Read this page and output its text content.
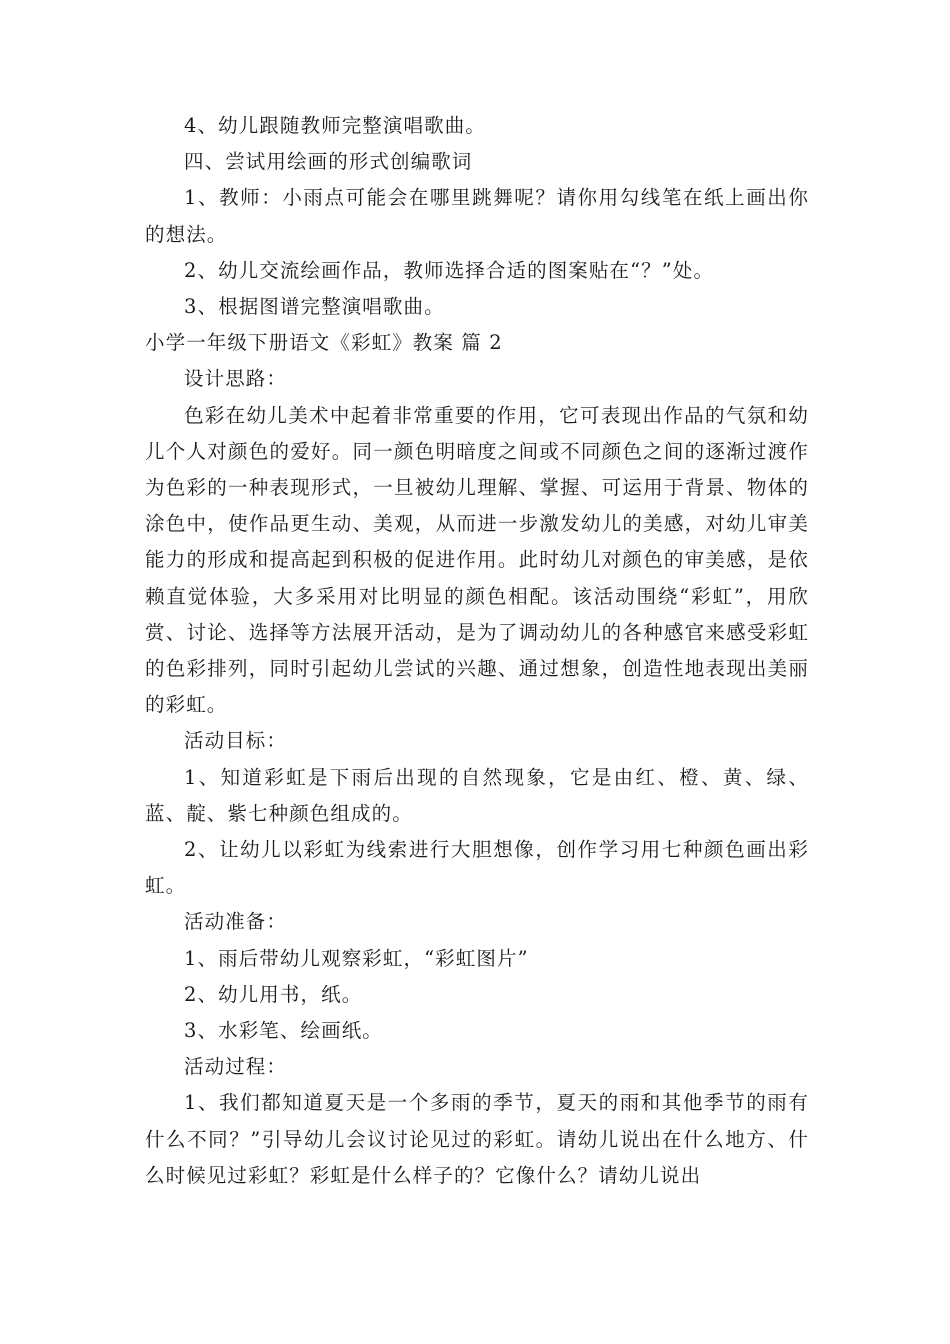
4、幼儿跟随教师完整演唱歌曲。

四、尝试用绘画的形式创编歌词

1、教师：小雨点可能会在哪里跳舞呢？请你用勾线笔在纸上画出你的想法。

2、幼儿交流绘画作品，教师选择合适的图案贴在“？”处。

3、根据图谱完整演唱歌曲。

小学一年级下册语文《彩虹》教案 篇 2

设计思路：

色彩在幼儿美术中起着非常重要的作用，它可表现出作品的气氛和幼儿个人对颜色的爱好。同一颜色明暗度之间或不同颜色之间的逐渐过渡作为色彩的一种表现形式，一旦被幼儿理解、掌握、可运用于背景、物体的涂色中，使作品更生动、美观，从而进一步激发幼儿的美感，对幼儿审美能力的形成和提高起到积极的促进作用。此时幼儿对颜色的审美感，是依赖直觉体验，大多采用对比明显的颜色相配。该活动围绕“彩虹”，用欣赏、讨论、选择等方法展开活动，是为了调动幼儿的各种感官来感受彩虹的色彩排列，同时引起幼儿尝试的兴趣、通过想象，创造性地表现出美丽的彩虹。

活动目标：

1、知道彩虹是下雨后出现的自然现象，它是由红、橙、黄、绿、蓝、靛、紫七种颜色组成的。

2、让幼儿以彩虹为线索进行大胆想像，创作学习用七种颜色画出彩虹。

活动准备：

1、雨后带幼儿观察彩虹，“彩虹图片”

2、幼儿用书，纸。

3、水彩笔、绘画纸。

活动过程：

1、我们都知道夏天是一个多雨的季节，夏天的雨和其他季节的雨有什么不同？”引导幼儿会议讨论见过的彩虹。请幼儿说出在什么地方、什么时候见过彩虹？彩虹是什么样子的？它像什么？请幼儿说出
